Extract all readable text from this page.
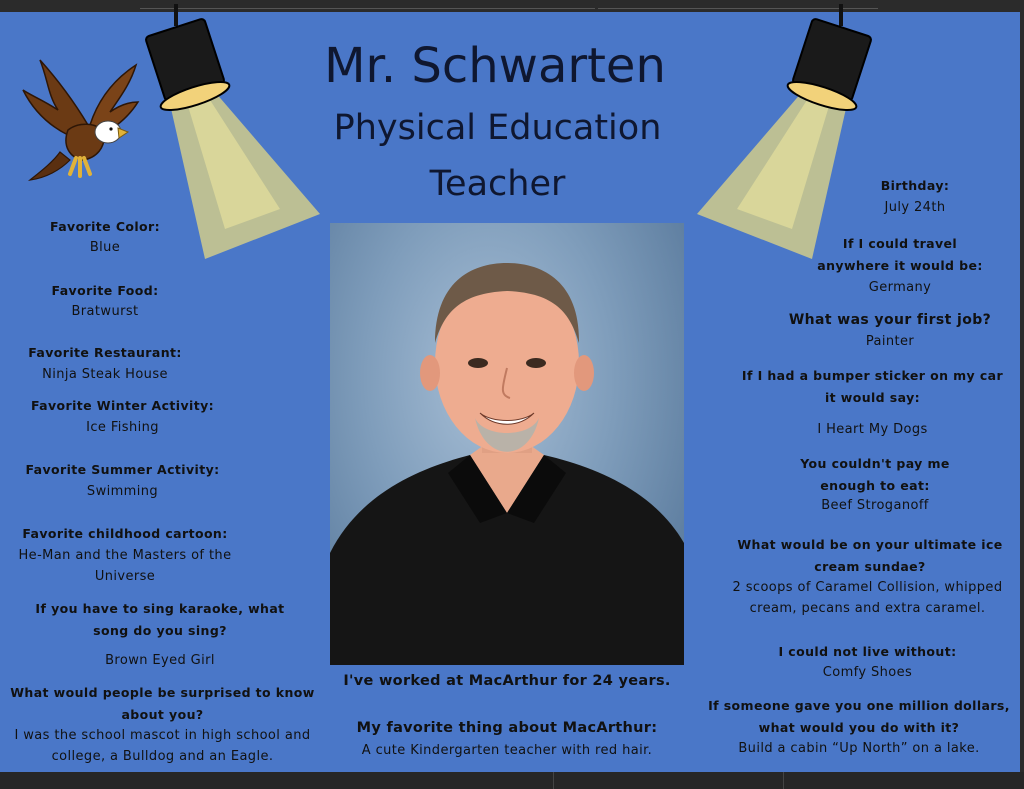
Mr. Schwarten
Physical Education
Teacher
Favorite Color:
Blue
Favorite Food:
Bratwurst
Favorite Restaurant:
Ninja Steak House
Favorite Winter Activity:
Ice Fishing
Favorite Summer Activity:
Swimming
Favorite childhood cartoon:
He-Man and the Masters of the
Universe
If you have to sing karaoke, what
song do you sing?
Brown Eyed Girl
What would people be surprised to know
about you?
I was the school mascot in high school and
college, a Bulldog and an Eagle.
I've worked at MacArthur for 24 years.
My favorite thing about MacArthur:
A cute Kindergarten teacher with red hair.
Birthday:
July 24th
If I could travel
anywhere it would be:
Germany
What was your first job?
Painter
If I had a bumper sticker on my car
it would say:
I Heart My Dogs
You couldn't pay me
enough to eat:
Beef Stroganoff
What would be on your ultimate ice
cream sundae?
2 scoops of Caramel Collision, whipped
cream, pecans and extra caramel.
I could not live without:
Comfy Shoes
If someone gave you one million dollars,
what would you do with it?
Build a cabin “Up North” on a lake.
